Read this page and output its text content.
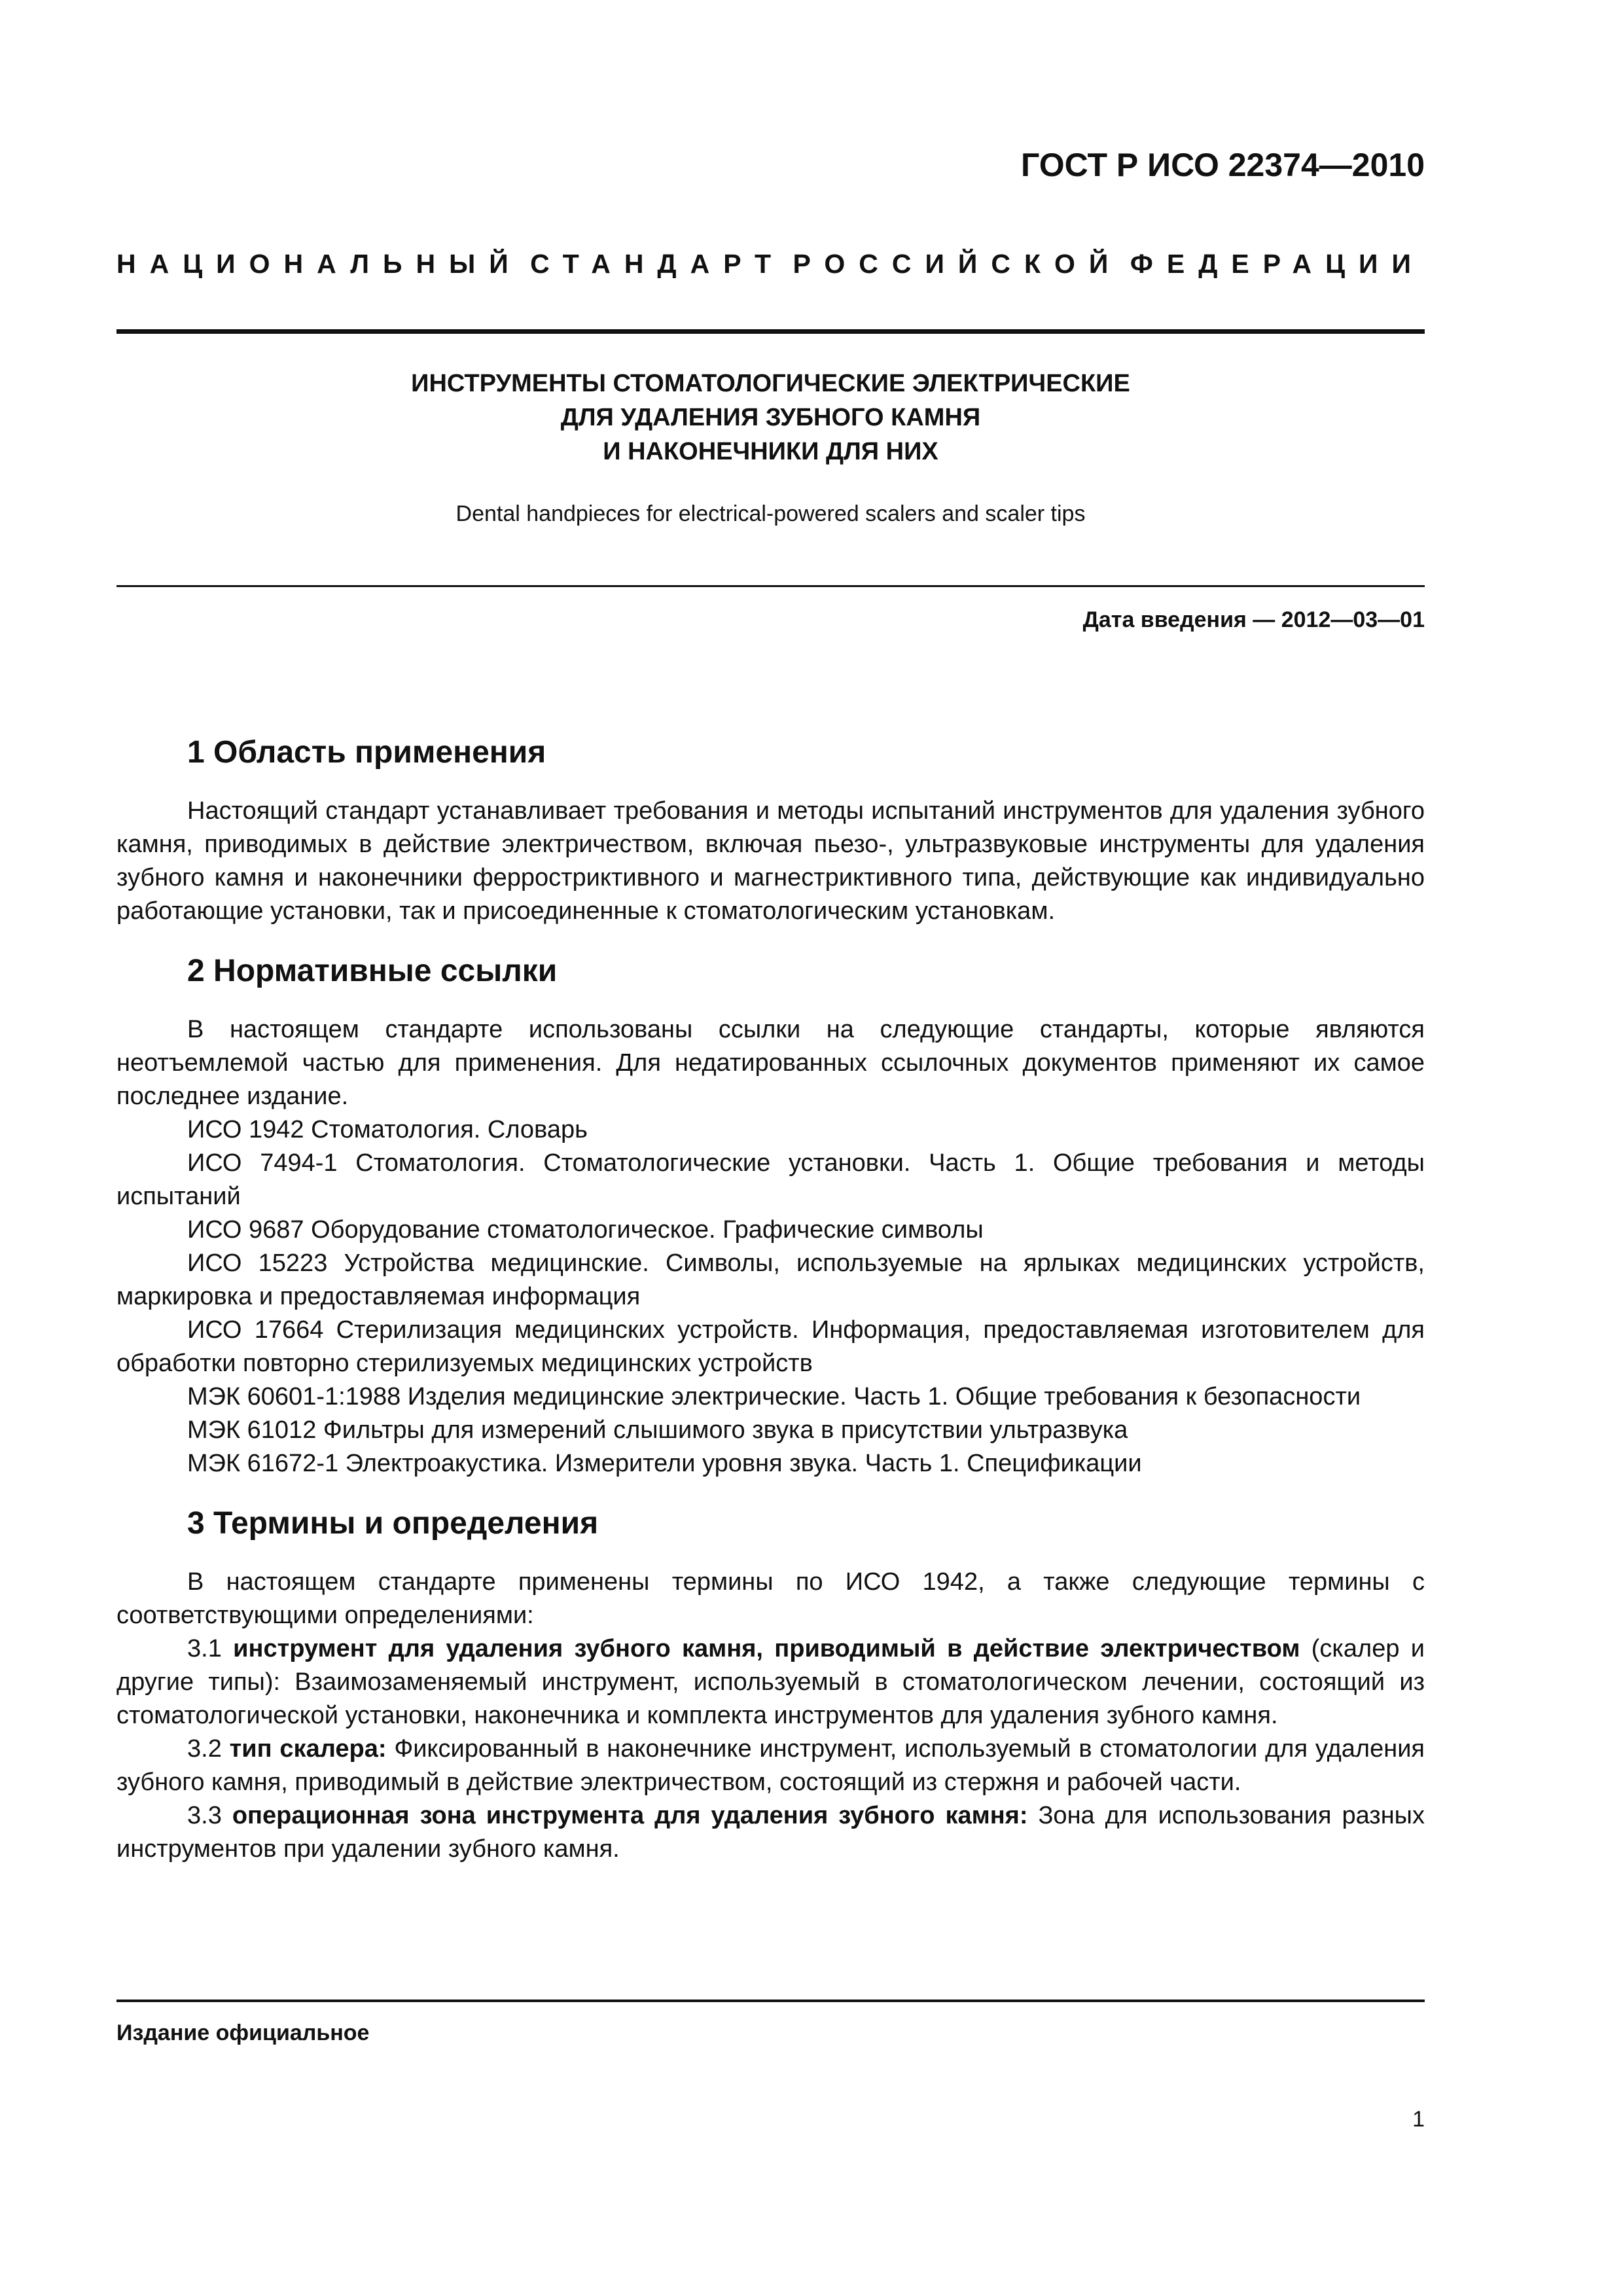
ГОСТ Р ИСО 22374—2010
НАЦИОНАЛЬНЫЙ СТАНДАРТ РОССИЙСКОЙ ФЕДЕРАЦИИ
ИНСТРУМЕНТЫ СТОМАТОЛОГИЧЕСКИЕ ЭЛЕКТРИЧЕСКИЕ
ДЛЯ УДАЛЕНИЯ ЗУБНОГО КАМНЯ
И НАКОНЕЧНИКИ ДЛЯ НИХ
Dental handpieces for electrical-powered scalers and scaler tips
Дата введения — 2012—03—01
1 Область применения

Настоящий стандарт устанавливает требования и методы испытаний инструментов для удаления зубного камня, приводимых в действие электричеством, включая пьезо-, ультразвуковые инструменты для удаления зубного камня и наконечники ферростриктивного и магнестриктивного типа, действующие как индивидуально работающие установки, так и присоединенные к стоматологическим установкам.

2 Нормативные ссылки

В настоящем стандарте использованы ссылки на следующие стандарты, которые являются неотъемлемой частью для применения. Для недатированных ссылочных документов применяют их самое последнее издание.

ИСО 1942 Стоматология. Словарь

ИСО 7494-1 Стоматология. Стоматологические установки. Часть 1. Общие требования и методы испытаний

ИСО 9687 Оборудование стоматологическое. Графические символы

ИСО 15223 Устройства медицинские. Символы, используемые на ярлыках медицинских устройств, маркировка и предоставляемая информация

ИСО 17664 Стерилизация медицинских устройств. Информация, предоставляемая изготовителем для обработки повторно стерилизуемых медицинских устройств

МЭК 60601-1:1988 Изделия медицинские электрические. Часть 1. Общие требования к безопасности

МЭК 61012 Фильтры для измерений слышимого звука в присутствии ультразвука

МЭК 61672-1 Электроакустика. Измерители уровня звука. Часть 1. Спецификации

3 Термины и определения

В настоящем стандарте применены термины по ИСО 1942, а также следующие термины с соответствующими определениями:

3.1 инструмент для удаления зубного камня, приводимый в действие электричеством (скалер и другие типы): Взаимозаменяемый инструмент, используемый в стоматологическом лечении, состоящий из стоматологической установки, наконечника и комплекта инструментов для удаления зубного камня.

3.2 тип скалера: Фиксированный в наконечнике инструмент, используемый в стоматологии для удаления зубного камня, приводимый в действие электричеством, состоящий из стержня и рабочей части.

3.3 операционная зона инструмента для удаления зубного камня: Зона для использования разных инструментов при удалении зубного камня.

Издание официальное
1
